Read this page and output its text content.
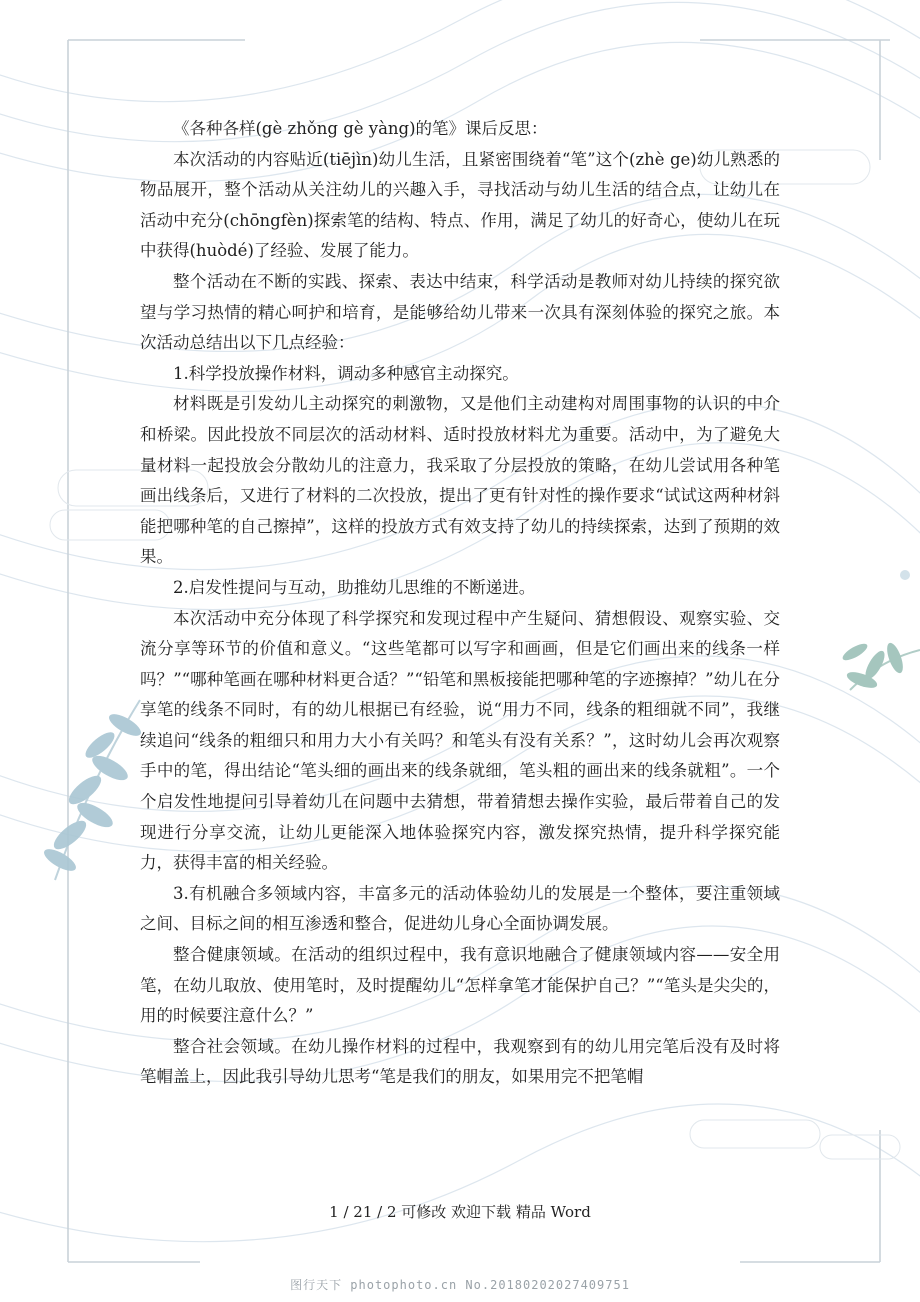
《各种各样(gè zhǒng gè yàng)的笔》课后反思：

本次活动的内容贴近(tiējìn)幼儿生活，且紧密围绕着“笔”这个(zhè ge)幼儿熟悉的物品展开，整个活动从关注幼儿的兴趣入手，寻找活动与幼儿生活的结合点，让幼儿在活动中充分(chōngfèn)探索笔的结构、特点、作用，满足了幼儿的好奇心，使幼儿在玩中获得(huòdé)了经验、发展了能力。

整个活动在不断的实践、探索、表达中结束，科学活动是教师对幼儿持续的探究欲望与学习热情的精心呵护和培育，是能够给幼儿带来一次具有深刻体验的探究之旅。本次活动总结出以下几点经验：

1.科学投放操作材料，调动多种感官主动探究。

材料既是引发幼儿主动探究的刺激物，又是他们主动建构对周围事物的认识的中介和桥梁。因此投放不同层次的活动材料、适时投放材料尤为重要。活动中，为了避免大量材料一起投放会分散幼儿的注意力，我采取了分层投放的策略，在幼儿尝试用各种笔画出线条后，又进行了材料的二次投放，提出了更有针对性的操作要求“试试这两种材斜能把哪种笔的自己擦掉”，这样的投放方式有效支持了幼儿的持续探索，达到了预期的效果。

2.启发性提问与互动，助推幼儿思维的不断递进。

本次活动中充分体现了科学探究和发现过程中产生疑问、猜想假设、观察实验、交流分享等环节的价值和意义。“这些笔都可以写字和画画，但是它们画出来的线条一样吗？”“哪种笔画在哪种材料更合适？”“铅笔和黑板接能把哪种笔的字迹擦掉？”幼儿在分享笔的线条不同时，有的幼儿根据已有经验，说“用力不同，线条的粗细就不同”，我继续追问“线条的粗细只和用力大小有关吗？和笔头有没有关系？”，这时幼儿会再次观察手中的笔，得出结论“笔头细的画出来的线条就细，笔头粗的画出来的线条就粗”。一个个启发性地提问引导着幼儿在问题中去猜想，带着猜想去操作实验，最后带着自己的发现进行分享交流，让幼儿更能深入地体验探究内容，激发探究热情，提升科学探究能力，获得丰富的相关经验。

3.有机融合多领域内容，丰富多元的活动体验幼儿的发展是一个整体，要注重领域之间、目标之间的相互渗透和整合，促进幼儿身心全面协调发展。

整合健康领域。在活动的组织过程中，我有意识地融合了健康领域内容——安全用笔，在幼儿取放、使用笔时，及时提醒幼儿“怎样拿笔才能保护自己？”“笔头是尖尖的，用的时候要注意什么？”

整合社会领域。在幼儿操作材料的过程中，我观察到有的幼儿用完笔后没有及时将笔帽盖上，因此我引导幼儿思考“笔是我们的朋友，如果用完不把笔帽

1 / 21 / 2 可修改 欢迎下载 精品 Word
图行天下 photophoto.cn No.20180202027409751
